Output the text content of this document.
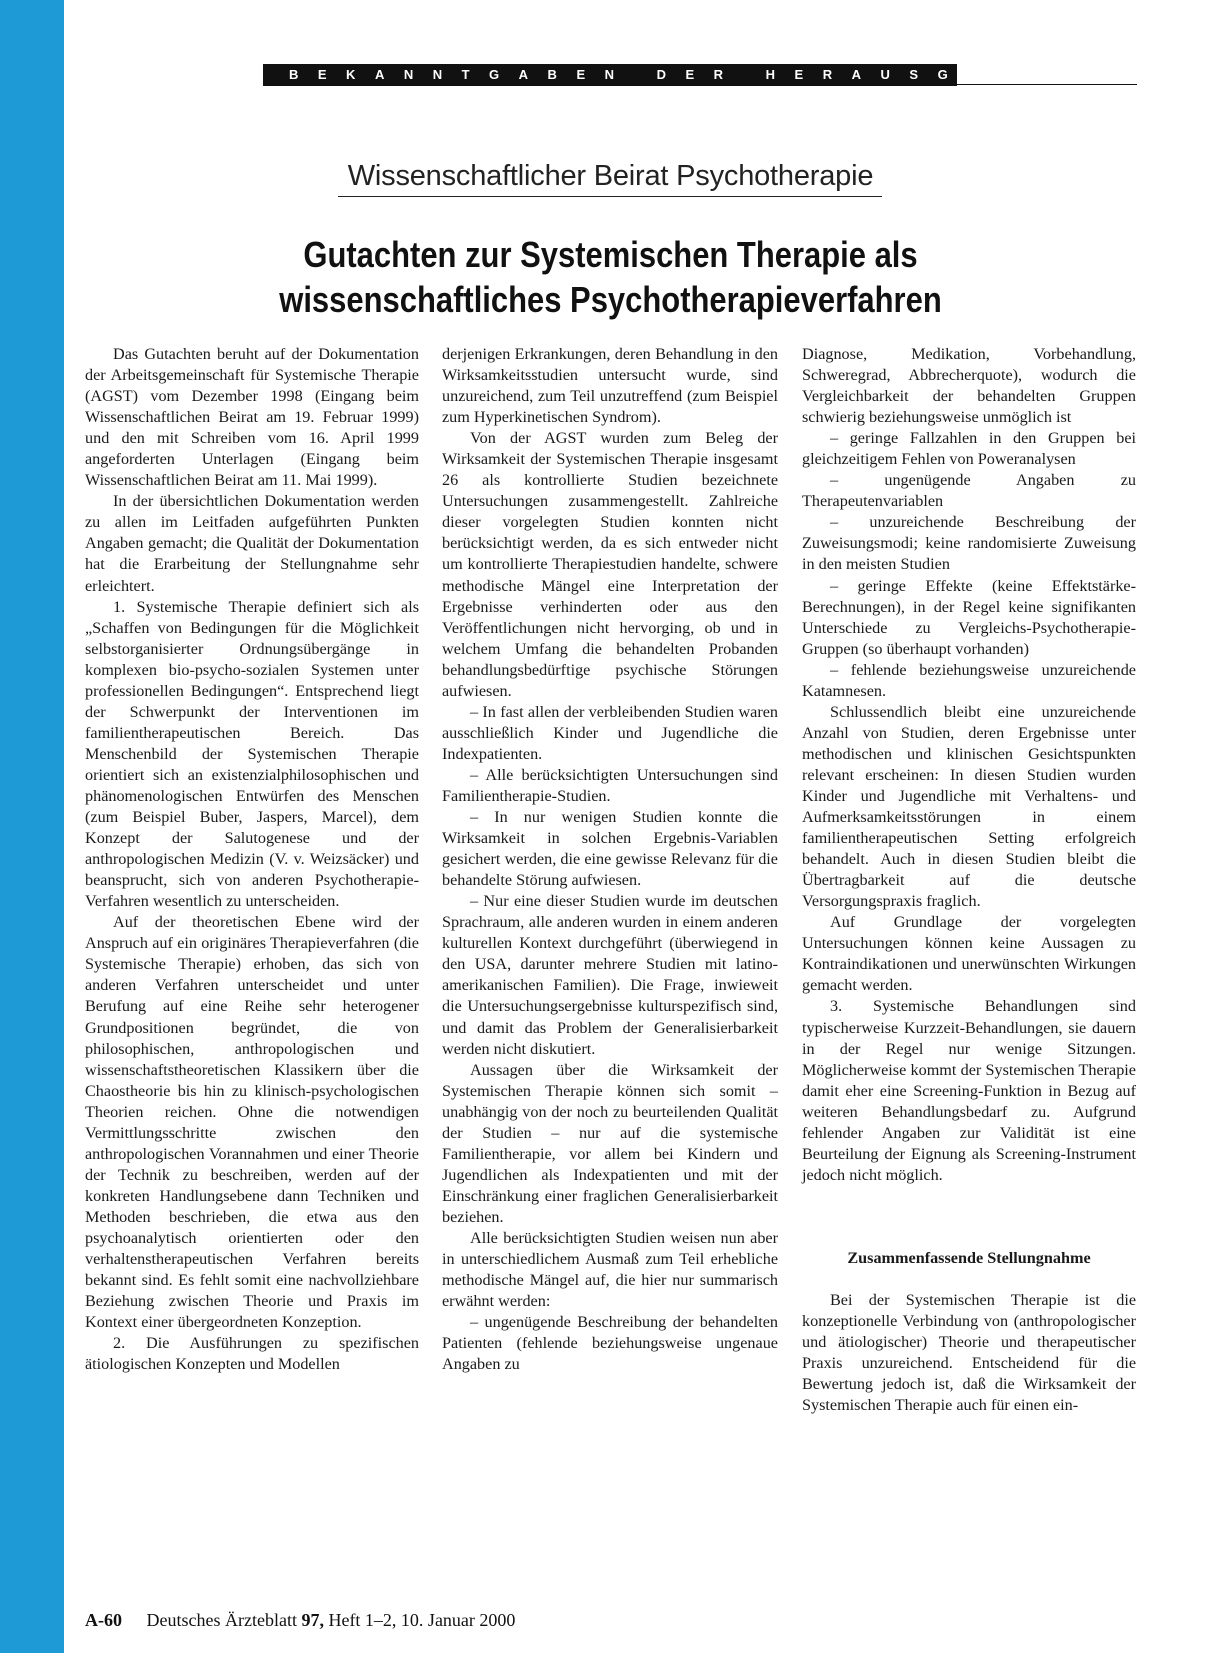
BEKANNTGABEN DER HERAUSGEBER
Wissenschaftlicher Beirat Psychotherapie
Gutachten zur Systemischen Therapie als
wissenschaftliches Psychotherapieverfahren

Das Gutachten beruht auf der Dokumentation der Arbeitsgemeinschaft für Systemische Therapie (AGST) vom Dezember 1998 (Eingang beim Wissenschaftlichen Beirat am 19. Februar 1999) und den mit Schreiben vom 16. April 1999 angeforderten Unterlagen (Eingang beim Wissenschaftlichen Beirat am 11. Mai 1999).

In der übersichtlichen Dokumentation werden zu allen im Leitfaden aufgeführten Punkten Angaben gemacht; die Qualität der Dokumentation hat die Erarbeitung der Stellungnahme sehr erleichtert.

1. Systemische Therapie definiert sich als „Schaffen von Bedingungen für die Möglichkeit selbstorganisierter Ordnungsübergänge in komplexen bio-psycho-sozialen Systemen unter professionellen Bedingungen“. Entsprechend liegt der Schwerpunkt der Interventionen im familientherapeutischen Bereich. Das Menschenbild der Systemischen Therapie orientiert sich an existenzialphilosophischen und phänomenologischen Entwürfen des Menschen (zum Beispiel Buber, Jaspers, Marcel), dem Konzept der Salutogenese und der anthropologischen Medizin (V. v. Weizsäcker) und beansprucht, sich von anderen Psychotherapie-Verfahren wesentlich zu unterscheiden.

Auf der theoretischen Ebene wird der Anspruch auf ein originäres Therapieverfahren (die Systemische Therapie) erhoben, das sich von anderen Verfahren unterscheidet und unter Berufung auf eine Reihe sehr heterogener Grundpositionen begründet, die von philosophischen, anthropologischen und wissenschaftstheoretischen Klassikern über die Chaostheorie bis hin zu klinisch-psychologischen Theorien reichen. Ohne die notwendigen Vermittlungsschritte zwischen den anthropologischen Vorannahmen und einer Theorie der Technik zu beschreiben, werden auf der konkreten Handlungsebene dann Techniken und Methoden beschrieben, die etwa aus den psychoanalytisch orientierten oder den verhaltenstherapeutischen Verfahren bereits bekannt sind. Es fehlt somit eine nachvollziehbare Beziehung zwischen Theorie und Praxis im Kontext einer übergeordneten Konzeption.

2. Die Ausführungen zu spezifischen ätiologischen Konzepten und Modellen

derjenigen Erkrankungen, deren Behandlung in den Wirksamkeitsstudien untersucht wurde, sind unzureichend, zum Teil unzutreffend (zum Beispiel zum Hyperkinetischen Syndrom).

Von der AGST wurden zum Beleg der Wirksamkeit der Systemischen Therapie insgesamt 26 als kontrollierte Studien bezeichnete Untersuchungen zusammengestellt. Zahlreiche dieser vorgelegten Studien konnten nicht berücksichtigt werden, da es sich entweder nicht um kontrollierte Therapiestudien handelte, schwere methodische Mängel eine Interpretation der Ergebnisse verhinderten oder aus den Veröffentlichungen nicht hervorging, ob und in welchem Umfang die behandelten Probanden behandlungsbedürftige psychische Störungen aufwiesen.

– In fast allen der verbleibenden Studien waren ausschließlich Kinder und Jugendliche die Indexpatienten.

– Alle berücksichtigten Untersuchungen sind Familientherapie-Studien.

– In nur wenigen Studien konnte die Wirksamkeit in solchen Ergebnis-Variablen gesichert werden, die eine gewisse Relevanz für die behandelte Störung aufwiesen.

– Nur eine dieser Studien wurde im deutschen Sprachraum, alle anderen wurden in einem anderen kulturellen Kontext durchgeführt (überwiegend in den USA, darunter mehrere Studien mit latino-amerikanischen Familien). Die Frage, inwieweit die Untersuchungsergebnisse kulturspezifisch sind, und damit das Problem der Generalisierbarkeit werden nicht diskutiert.

Aussagen über die Wirksamkeit der Systemischen Therapie können sich somit – unabhängig von der noch zu beurteilenden Qualität der Studien – nur auf die systemische Familientherapie, vor allem bei Kindern und Jugendlichen als Indexpatienten und mit der Einschränkung einer fraglichen Generalisierbarkeit beziehen.

Alle berücksichtigten Studien weisen nun aber in unterschiedlichem Ausmaß zum Teil erhebliche methodische Mängel auf, die hier nur summarisch erwähnt werden:

– ungenügende Beschreibung der behandelten Patienten (fehlende beziehungsweise ungenaue Angaben zu

Diagnose, Medikation, Vorbehandlung, Schweregrad, Abbrecherquote), wodurch die Vergleichbarkeit der behandelten Gruppen schwierig beziehungsweise unmöglich ist

– geringe Fallzahlen in den Gruppen bei gleichzeitigem Fehlen von Poweranalysen

– ungenügende Angaben zu Therapeutenvariablen

– unzureichende Beschreibung der Zuweisungsmodi; keine randomisierte Zuweisung in den meisten Studien

– geringe Effekte (keine Effektstärke-Berechnungen), in der Regel keine signifikanten Unterschiede zu Vergleichs-Psychotherapie-Gruppen (so überhaupt vorhanden)

– fehlende beziehungsweise unzureichende Katamnesen.

Schlussendlich bleibt eine unzureichende Anzahl von Studien, deren Ergebnisse unter methodischen und klinischen Gesichtspunkten relevant erscheinen: In diesen Studien wurden Kinder und Jugendliche mit Verhaltens- und Aufmerksamkeitsstörungen in einem familientherapeutischen Setting erfolgreich behandelt. Auch in diesen Studien bleibt die Übertragbarkeit auf die deutsche Versorgungspraxis fraglich.

Auf Grundlage der vorgelegten Untersuchungen können keine Aussagen zu Kontraindikationen und unerwünschten Wirkungen gemacht werden.

3. Systemische Behandlungen sind typischerweise Kurzzeit-Behandlungen, sie dauern in der Regel nur wenige Sitzungen. Möglicherweise kommt der Systemischen Therapie damit eher eine Screening-Funktion in Bezug auf weiteren Behandlungsbedarf zu. Aufgrund fehlender Angaben zur Validität ist eine Beurteilung der Eignung als Screening-Instrument jedoch nicht möglich.

Zusammenfassende Stellungnahme

Bei der Systemischen Therapie ist die konzeptionelle Verbindung von (anthropologischer und ätiologischer) Theorie und therapeutischer Praxis unzureichend. Entscheidend für die Bewertung jedoch ist, daß die Wirksamkeit der Systemischen Therapie auch für einen ein-

A-60 Deutsches Ärzteblatt 97, Heft 1–2, 10. Januar 2000
